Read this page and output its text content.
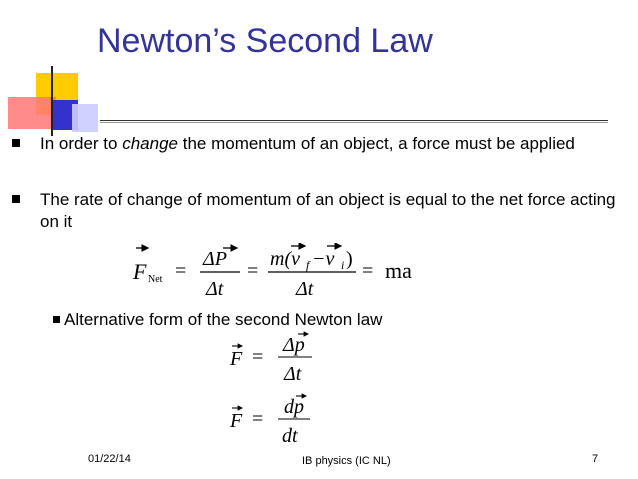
Newton’s Second Law
In order to change the momentum of an object, a force must be applied
The rate of change of momentum of an object is equal to the net force acting on it
F Net =
ΔP
Δt
=
m(v f −v i )
Δt
= ma
Alternative form of the second Newton law
F =
Δp
Δt
F =
dp
dt
01/22/14	IB physics (IC NL)	7
